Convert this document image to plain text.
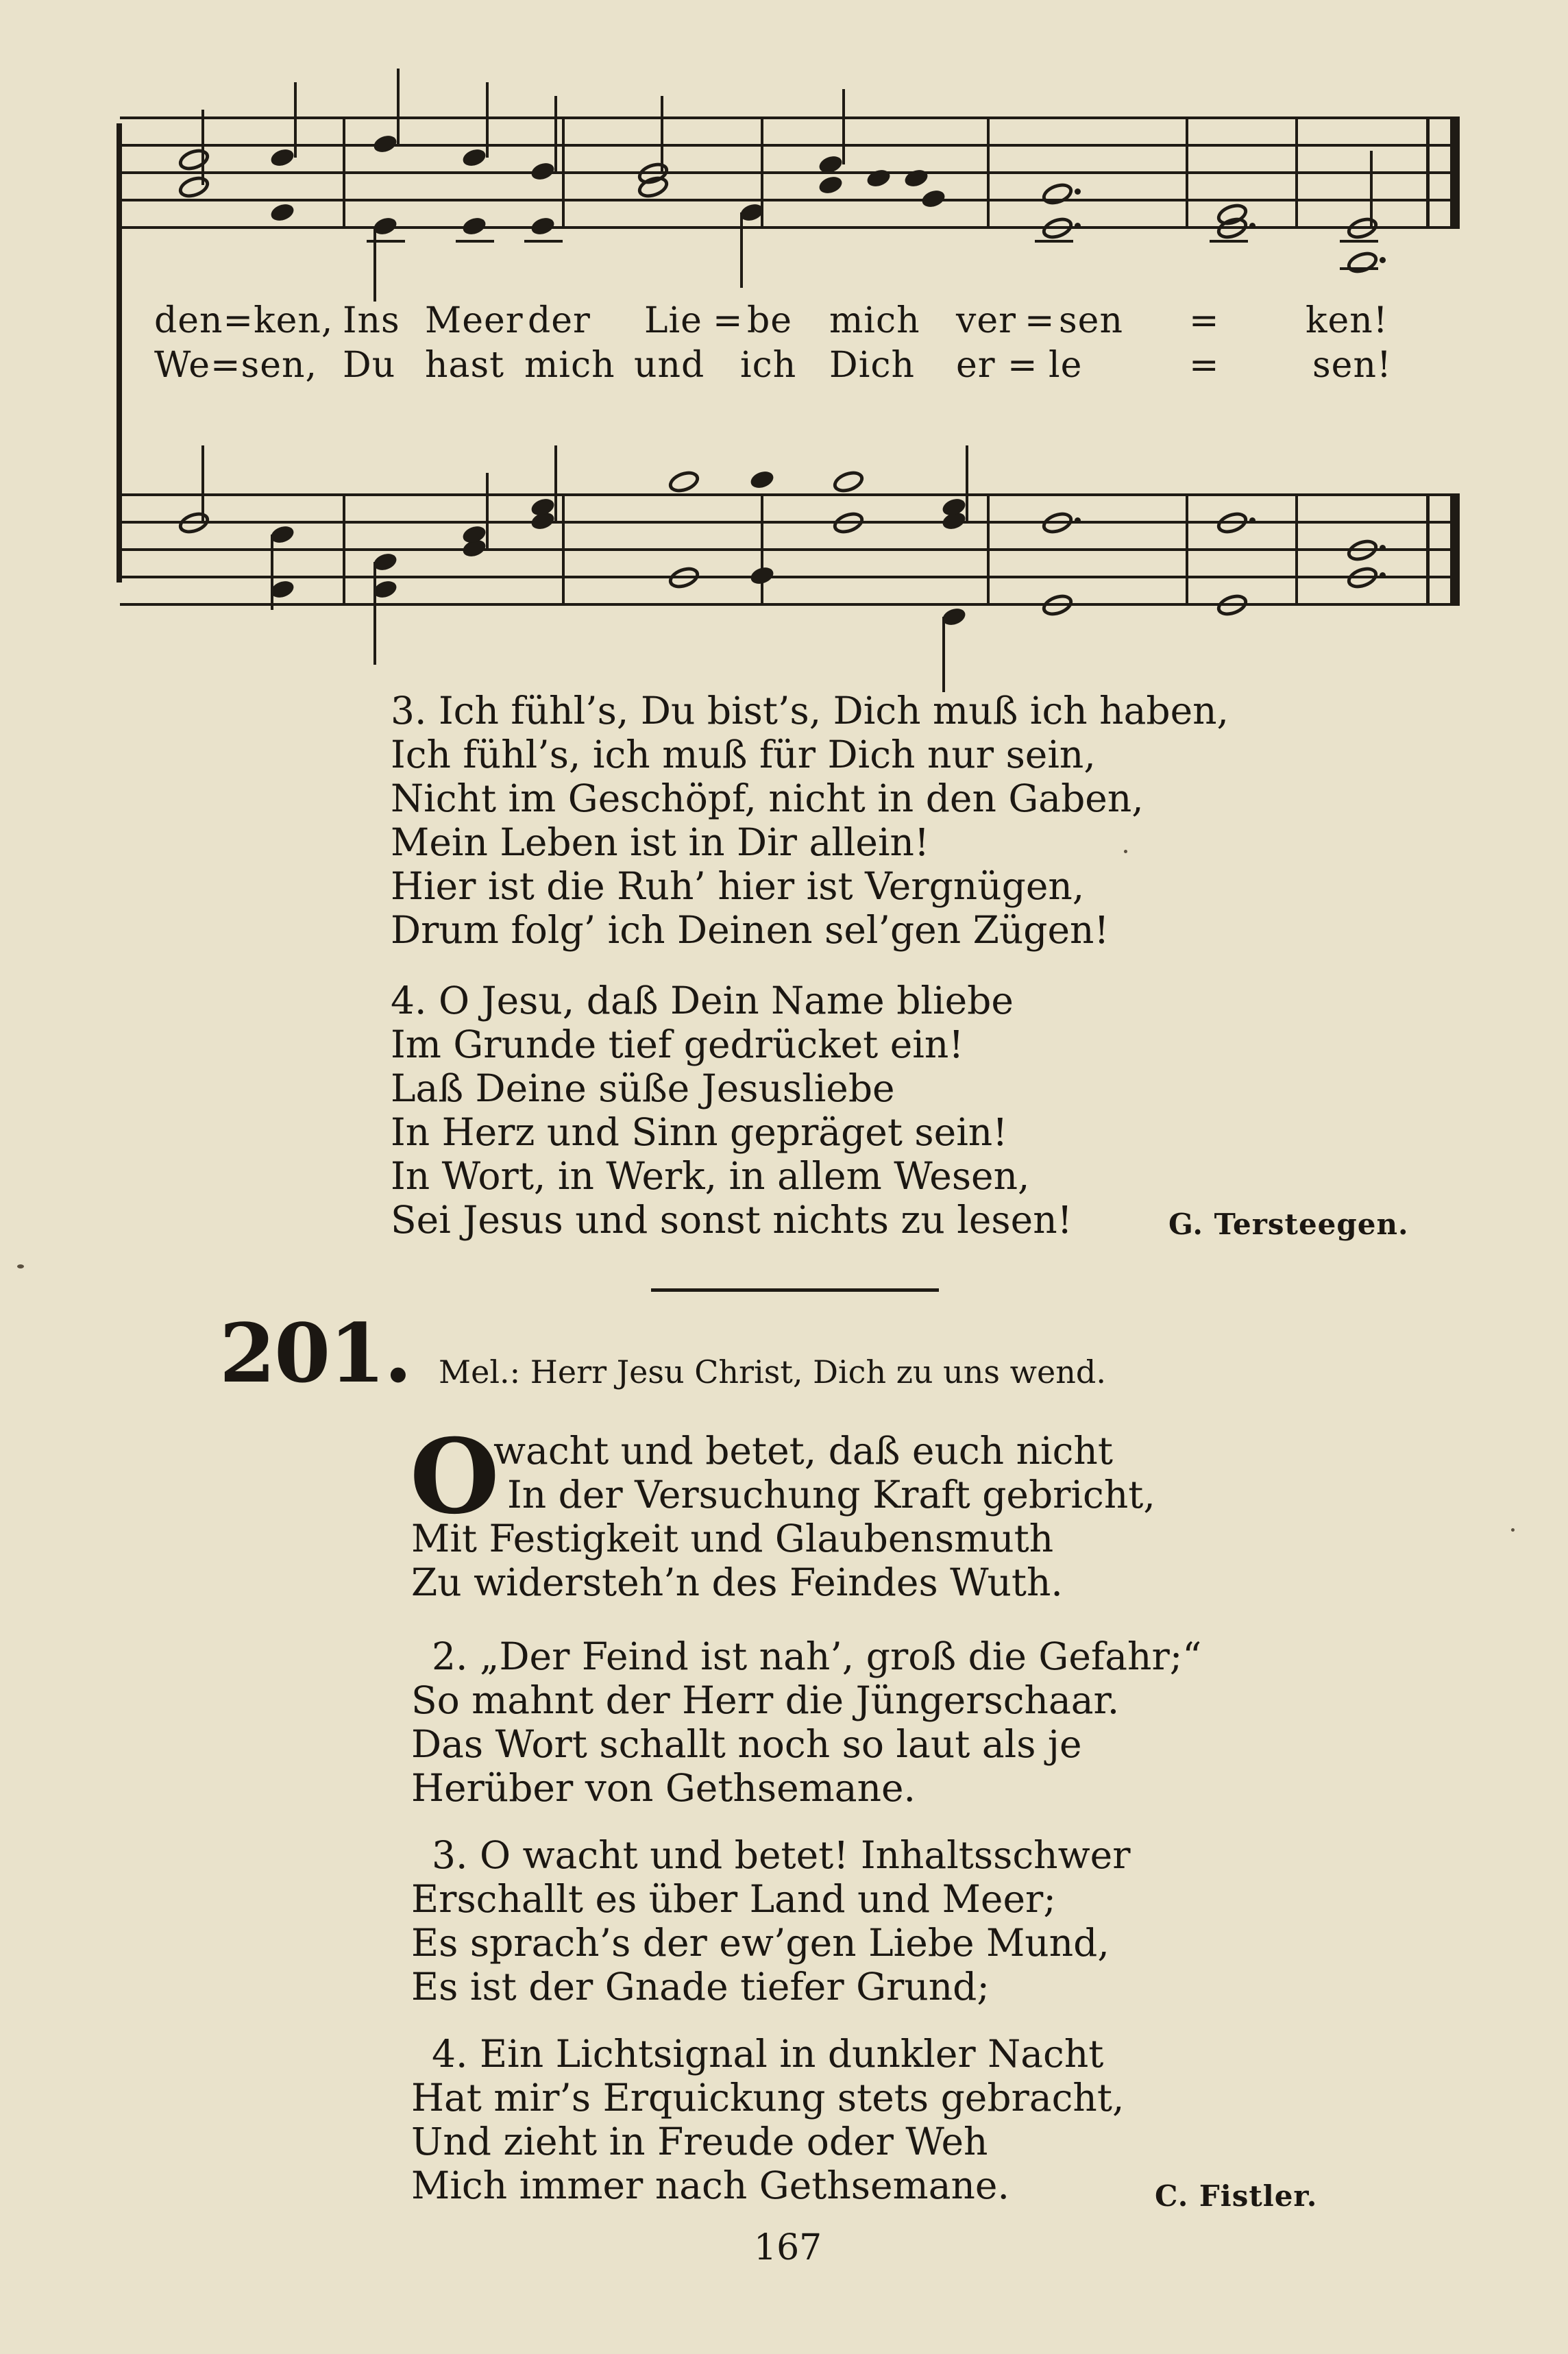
den=ken,

Ins

Meer

der

Lie

=

be

mich

ver

=

sen

=

ken!

We=sen,

Du

hast

mich

und

ich

Dich

er

=

le

	=

	sen!

3. Ich fühl’s, Du bist’s, Dich muß ich haben,

Ich fühl’s, ich muß für Dich nur sein,

Nicht im Geschöpf, nicht in den Gaben,

Mein Leben ist in Dir allein!

Hier ist die Ruh’ hier ist Vergnügen,

Drum folg’ ich Deinen sel’gen Zügen!

4. O Jesu, daß Dein Name bliebe

Im Grunde tief gedrücket ein!

Laß Deine süße Jesusliebe

In Herz und Sinn gepräget sein!

In Wort, in Werk, in allem Wesen,

Sei Jesus und sonst nichts zu lesen!	G. Tersteegen.
201. Mel.: Herr Jesu Christ, Dich zu uns wend.
O

wacht und betet, daß euch nicht

In der Versuchung Kraft gebricht,

Mit Festigkeit und Glaubensmuth

Zu widersteh’n des Feindes Wuth.

2. „Der Feind ist nah’, groß die Gefahr;“

So mahnt der Herr die Jüngerschaar.

Das Wort schallt noch so laut als je

Herüber von Gethsemane.

3. O wacht und betet! Inhaltsschwer

Erschallt es über Land und Meer;

Es sprach’s der ew’gen Liebe Mund,

Es ist der Gnade tiefer Grund;

4. Ein Lichtsignal in dunkler Nacht

Hat mir’s Erquickung stets gebracht,

Und zieht in Freude oder Weh

Mich immer nach Gethsemane.	C. Fistler.
167
